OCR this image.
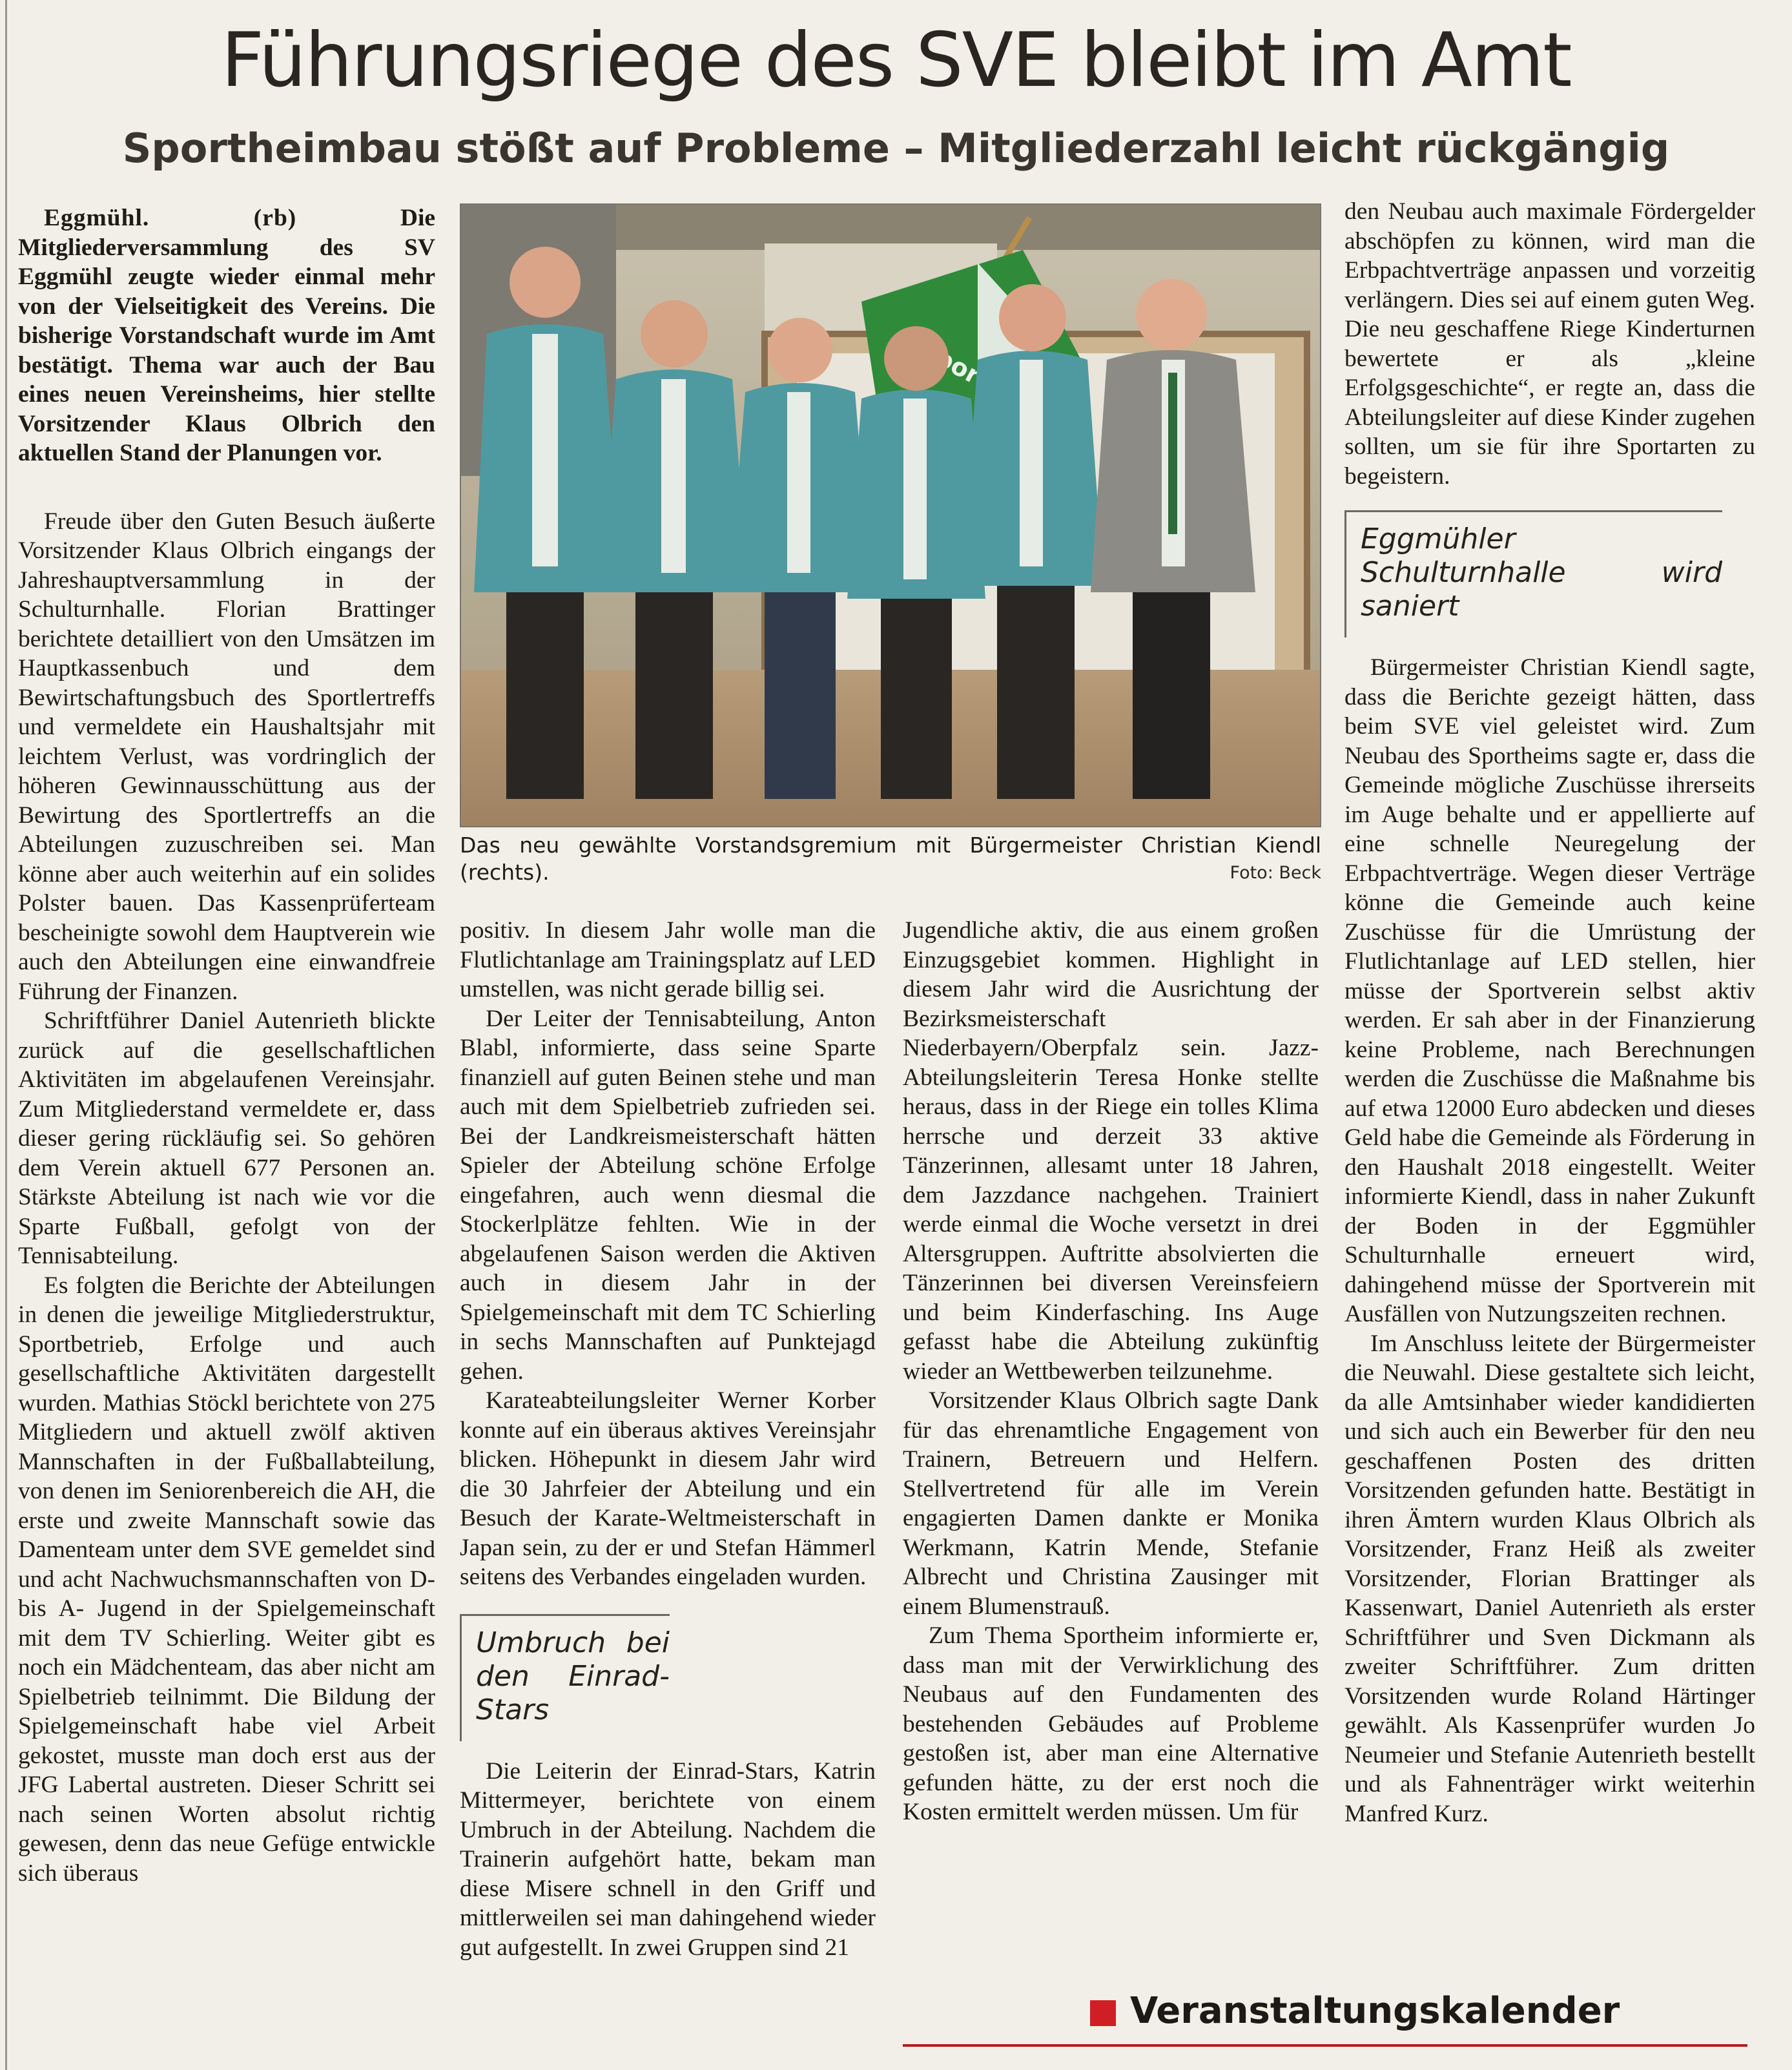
Führungsriege des SVE bleibt im Amt
Sportheimbau stößt auf Probleme – Mitgliederzahl leicht rückgängig

Eggmühl. (rb)	Die Mitgliederversammlung des SV Eggmühl zeugte wieder einmal mehr von der Vielseitigkeit des Vereins. Die bisherige Vorstandschaft wurde im Amt bestätigt. Thema war auch der Bau eines neuen Vereinsheims, hier stellte Vorsitzender Klaus Olbrich den aktuellen Stand der Planungen vor.

Freude über den Guten Besuch äußerte Vorsitzender Klaus Olbrich eingangs der Jahreshauptversammlung in der Schulturnhalle. Florian Brattinger berichtete detailliert von den Umsätzen im Hauptkassenbuch und dem Bewirtschaftungsbuch des Sportlertreffs und vermeldete ein Haushaltsjahr mit leichtem Verlust, was vordringlich der höheren Gewinnausschüttung aus der Bewirtung des Sportlertreffs an die Abteilungen zuzuschreiben sei. Man könne aber auch weiterhin auf ein solides Polster bauen. Das Kassenprüferteam bescheinigte sowohl dem Hauptverein wie auch den Abteilungen eine einwandfreie Führung der Finanzen.

Schriftführer Daniel Autenrieth blickte zurück auf die gesellschaftlichen Aktivitäten im abgelaufenen Vereinsjahr. Zum Mitgliederstand vermeldete er, dass dieser gering rückläufig sei. So gehören dem Verein aktuell 677 Personen an. Stärkste Abteilung ist nach wie vor die Sparte Fußball, gefolgt von der Tennisabteilung.

Es folgten die Berichte der Abteilungen in denen die jeweilige Mitgliederstruktur, Sportbetrieb, Erfolge und auch gesellschaftliche Aktivitäten dargestellt wurden. Mathias Stöckl berichtete von 275 Mitgliedern und aktuell zwölf aktiven Mannschaften in der Fußballabteilung, von denen im Seniorenbereich die AH, die erste und zweite Mannschaft sowie das Damenteam unter dem SVE gemeldet sind und acht Nachwuchsmannschaften von D- bis A- Jugend in der Spielgemeinschaft mit dem TV Schierling. Weiter gibt es noch ein Mädchenteam, das aber nicht am Spielbetrieb teilnimmt. Die Bildung der Spielgemeinschaft habe viel Arbeit gekostet, musste man doch erst aus der JFG Labertal austreten. Dieser Schritt sei nach seinen Worten absolut richtig gewesen, denn das neue Gefüge entwickle sich überaus

Das neu gewählte Vorstandsgremium mit Bürgermeister Christian Kiendl (rechts).	Foto: Beck

positiv. In diesem Jahr wolle man die Flutlichtanlage am Trainingsplatz auf LED umstellen, was nicht gerade billig sei.

Der Leiter der Tennisabteilung, Anton Blabl, informierte, dass seine Sparte finanziell auf guten Beinen stehe und man auch mit dem Spielbetrieb zufrieden sei. Bei der Landkreismeisterschaft hätten Spieler der Abteilung schöne Erfolge eingefahren, auch wenn diesmal die Stockerlplätze fehlten. Wie in der abgelaufenen Saison werden die Aktiven auch in diesem Jahr in der Spielgemeinschaft mit dem TC Schierling in sechs Mannschaften auf Punktejagd gehen.

Karateabteilungsleiter Werner Korber konnte auf ein überaus aktives Vereinsjahr blicken. Höhepunkt in diesem Jahr wird die 30 Jahrfeier der Abteilung und ein Besuch der Karate-Weltmeisterschaft in Japan sein, zu der er und Stefan Hämmerl seitens des Verbandes eingeladen wurden.

Umbruch bei den Einrad-Stars

Die Leiterin der Einrad-Stars, Katrin Mittermeyer, berichtete von einem Umbruch in der Abteilung. Nachdem die Trainerin aufgehört hatte, bekam man diese Misere schnell in den Griff und mittlerweilen sei man dahingehend wieder gut aufgestellt. In zwei Gruppen sind 21

Jugendliche aktiv, die aus einem großen Einzugsgebiet kommen. Highlight in diesem Jahr wird die Ausrichtung der Bezirksmeisterschaft Niederbayern/Oberpfalz sein. Jazz- Abteilungsleiterin Teresa Honke stellte heraus, dass in der Riege ein tolles Klima herrsche und derzeit 33 aktive Tänzerinnen, allesamt unter 18 Jahren, dem Jazzdance nachgehen. Trainiert werde einmal die Woche versetzt in drei Altersgruppen. Auftritte absolvierten die Tänzerinnen bei diversen Vereinsfeiern und beim Kinderfasching. Ins Auge gefasst habe die Abteilung zukünftig wieder an Wettbewerben teilzunehme.

Vorsitzender Klaus Olbrich sagte Dank für das ehrenamtliche Engagement von Trainern, Betreuern und Helfern. Stellvertretend für alle im Verein engagierten Damen dankte er Monika Werkmann, Katrin Mende, Stefanie Albrecht und Christina Zausinger mit einem Blumenstrauß.

Zum Thema Sportheim informierte er, dass man mit der Verwirklichung des Neubaus auf den Fundamenten des bestehenden Gebäudes auf Probleme gestoßen ist, aber man eine Alternative gefunden hätte, zu der erst noch die Kosten ermittelt werden müssen. Um für

den Neubau auch maximale Fördergelder abschöpfen zu können, wird man die Erbpachtverträge anpassen und vorzeitig verlängern. Dies sei auf einem guten Weg. Die neu geschaffene Riege Kinderturnen bewertete er als „kleine Erfolgsgeschichte“, er regte an, dass die Abteilungsleiter auf diese Kinder zugehen sollten, um sie für ihre Sportarten zu begeistern.

Eggmühler Schulturnhalle wird saniert

Bürgermeister Christian Kiendl sagte, dass die Berichte gezeigt hätten, dass beim SVE viel geleistet wird. Zum Neubau des Sportheims sagte er, dass die Gemeinde mögliche Zuschüsse ihrerseits im Auge behalte und er appellierte auf eine schnelle Neuregelung der Erbpachtverträge. Wegen dieser Verträge könne die Gemeinde auch keine Zuschüsse für die Umrüstung der Flutlichtanlage auf LED stellen, hier müsse der Sportverein selbst aktiv werden. Er sah aber in der Finanzierung keine Probleme, nach Berechnungen werden die Zuschüsse die Maßnahme bis auf etwa 12000 Euro abdecken und dieses Geld habe die Gemeinde als Förderung in den Haushalt 2018 eingestellt. Weiter informierte Kiendl, dass in naher Zukunft der Boden in der Eggmühler Schulturnhalle erneuert wird, dahingehend müsse der Sportverein mit Ausfällen von Nutzungszeiten rechnen.

Im Anschluss leitete der Bürgermeister die Neuwahl. Diese gestaltete sich leicht, da alle Amtsinhaber wieder kandidierten und sich auch ein Bewerber für den neu geschaffenen Posten des dritten Vorsitzenden gefunden hatte. Bestätigt in ihren Ämtern wurden Klaus Olbrich als Vorsitzender, Franz Heiß als zweiter Vorsitzender, Florian Brattinger als Kassenwart, Daniel Autenrieth als erster Schriftführer und Sven Dickmann als zweiter Schriftführer. Zum dritten Vorsitzenden wurde Roland Härtinger gewählt. Als Kassenprüfer wurden Jo Neumeier und Stefanie Autenrieth bestellt und als Fahnenträger wirkt weiterhin Manfred Kurz.

Veranstaltungskalender
